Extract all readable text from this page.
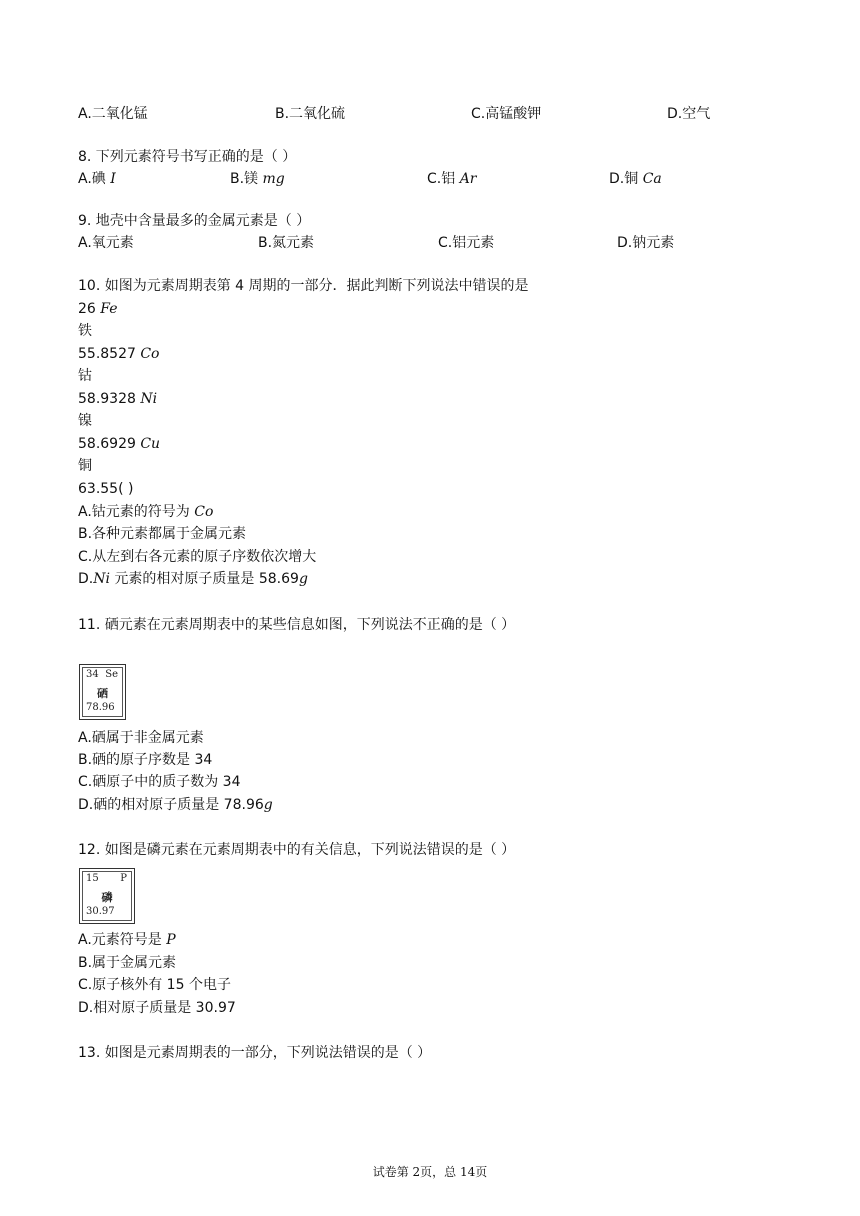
A.二氧化锰	B.二氧化硫	C.高锰酸钾	D.空气
8. 下列元素符号书写正确的是（ ）
A.碘 I	B.镁 mg	C.铝 Ar	D.铜 Ca
9. 地壳中含量最多的金属元素是（ ）
A.氧元素	B.氮元素	C.铝元素	D.钠元素
10. 如图为元素周期表第 4 周期的一部分．据此判断下列说法中错误的是
26 Fe
铁
55.8527 Co
钴
58.9328 Ni
镍
58.6929 Cu
铜
63.55( )
A.钴元素的符号为 Co
B.各种元素都属于金属元素
C.从左到右各元素的原子序数依次增大
D.Ni 元素的相对原子质量是 58.69g
11. 硒元素在元素周期表中的某些信息如图，下列说法不正确的是（ ）
34 Se
硒
78.96
A.硒属于非金属元素
B.硒的原子序数是 34
C.硒原子中的质子数为 34
D.硒的相对原子质量是 78.96g
12. 如图是磷元素在元素周期表中的有关信息，下列说法错误的是（ ）
15 P
磷
30.97
A.元素符号是 P
B.属于金属元素
C.原子核外有 15 个电子
D.相对原子质量是 30.97
13. 如图是元素周期表的一部分，下列说法错误的是（ ）
试卷第 2页，总 14页
